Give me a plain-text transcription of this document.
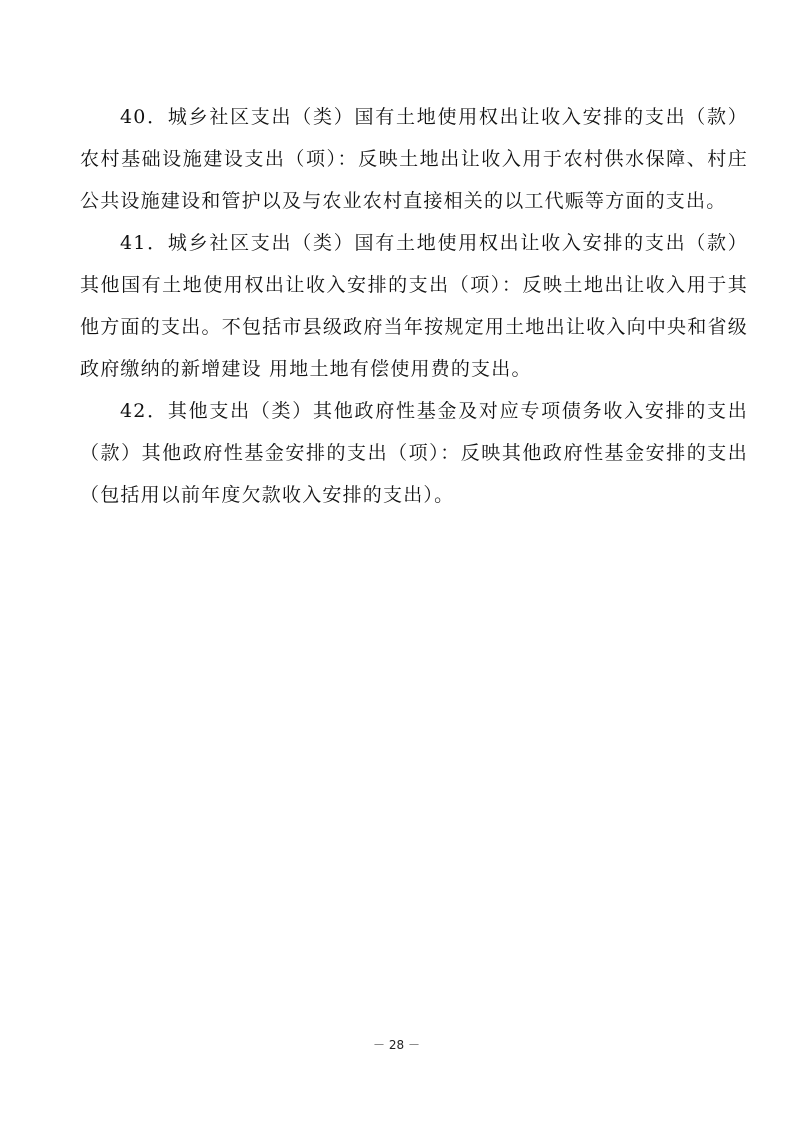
40．城乡社区支出（类）国有土地使用权出让收入安排的支出（款）农村基础设施建设支出（项）：反映土地出让收入用于农村供水保障、村庄公共设施建设和管护以及与农业农村直接相关的以工代赈等方面的支出。

41．城乡社区支出（类）国有土地使用权出让收入安排的支出（款）其他国有土地使用权出让收入安排的支出（项）：反映土地出让收入用于其他方面的支出。不包括市县级政府当年按规定用土地出让收入向中央和省级政府缴纳的新增建设 用地土地有偿使用费的支出。

42．其他支出（类）其他政府性基金及对应专项债务收入安排的支出（款）其他政府性基金安排的支出（项）：反映其他政府性基金安排的支出（包括用以前年度欠款收入安排的支出）。

－ 28 －
